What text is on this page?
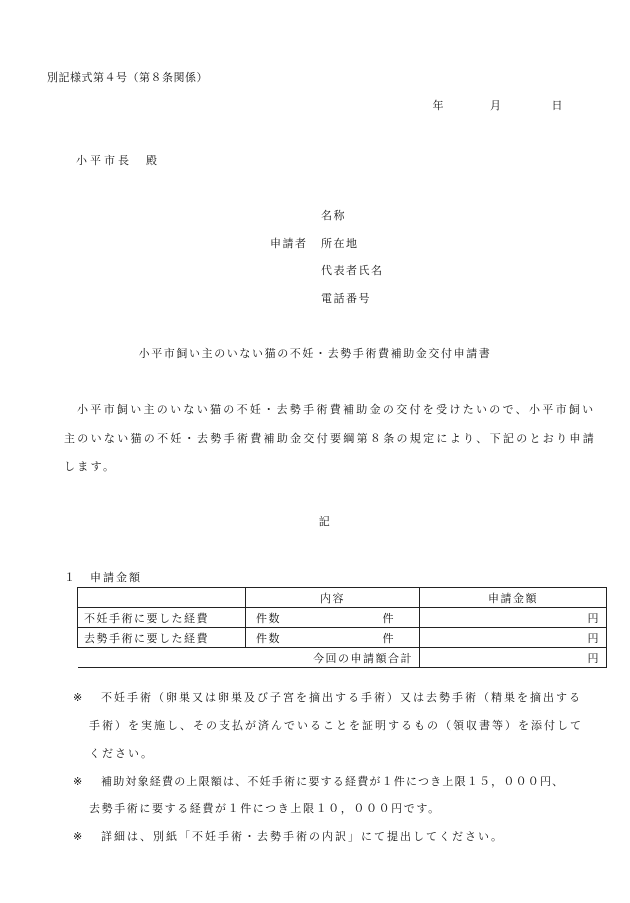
別記様式第４号（第８条関係）
年	月	日
小平市長　殿
名称
申請者 所在地
代表者氏名
電話番号
小平市飼い主のいない猫の不妊・去勢手術費補助金交付申請書
小平市飼い主のいない猫の不妊・去勢手術費補助金の交付を受けたいので、小平市飼い
主のいない猫の不妊・去勢手術費補助金交付要綱第８条の規定により、下記のとおり申請
します。
記
１　申請金額
	内容	申請金額
不妊手術に要した経費	件数 件	円
去勢手術に要した経費	件数 件	円
今回の申請額合計		円
※ 不妊手術（卵巣又は卵巣及び子宮を摘出する手術）又は去勢手術（精巣を摘出する
手術）を実施し、その支払が済んでいることを証明するもの（領収書等）を添付して
ください。
※ 補助対象経費の上限額は、不妊手術に要する経費が１件につき上限１５，０００円、
去勢手術に要する経費が１件につき上限１０，０００円です。
※ 詳細は、別紙「不妊手術・去勢手術の内訳」にて提出してください。
